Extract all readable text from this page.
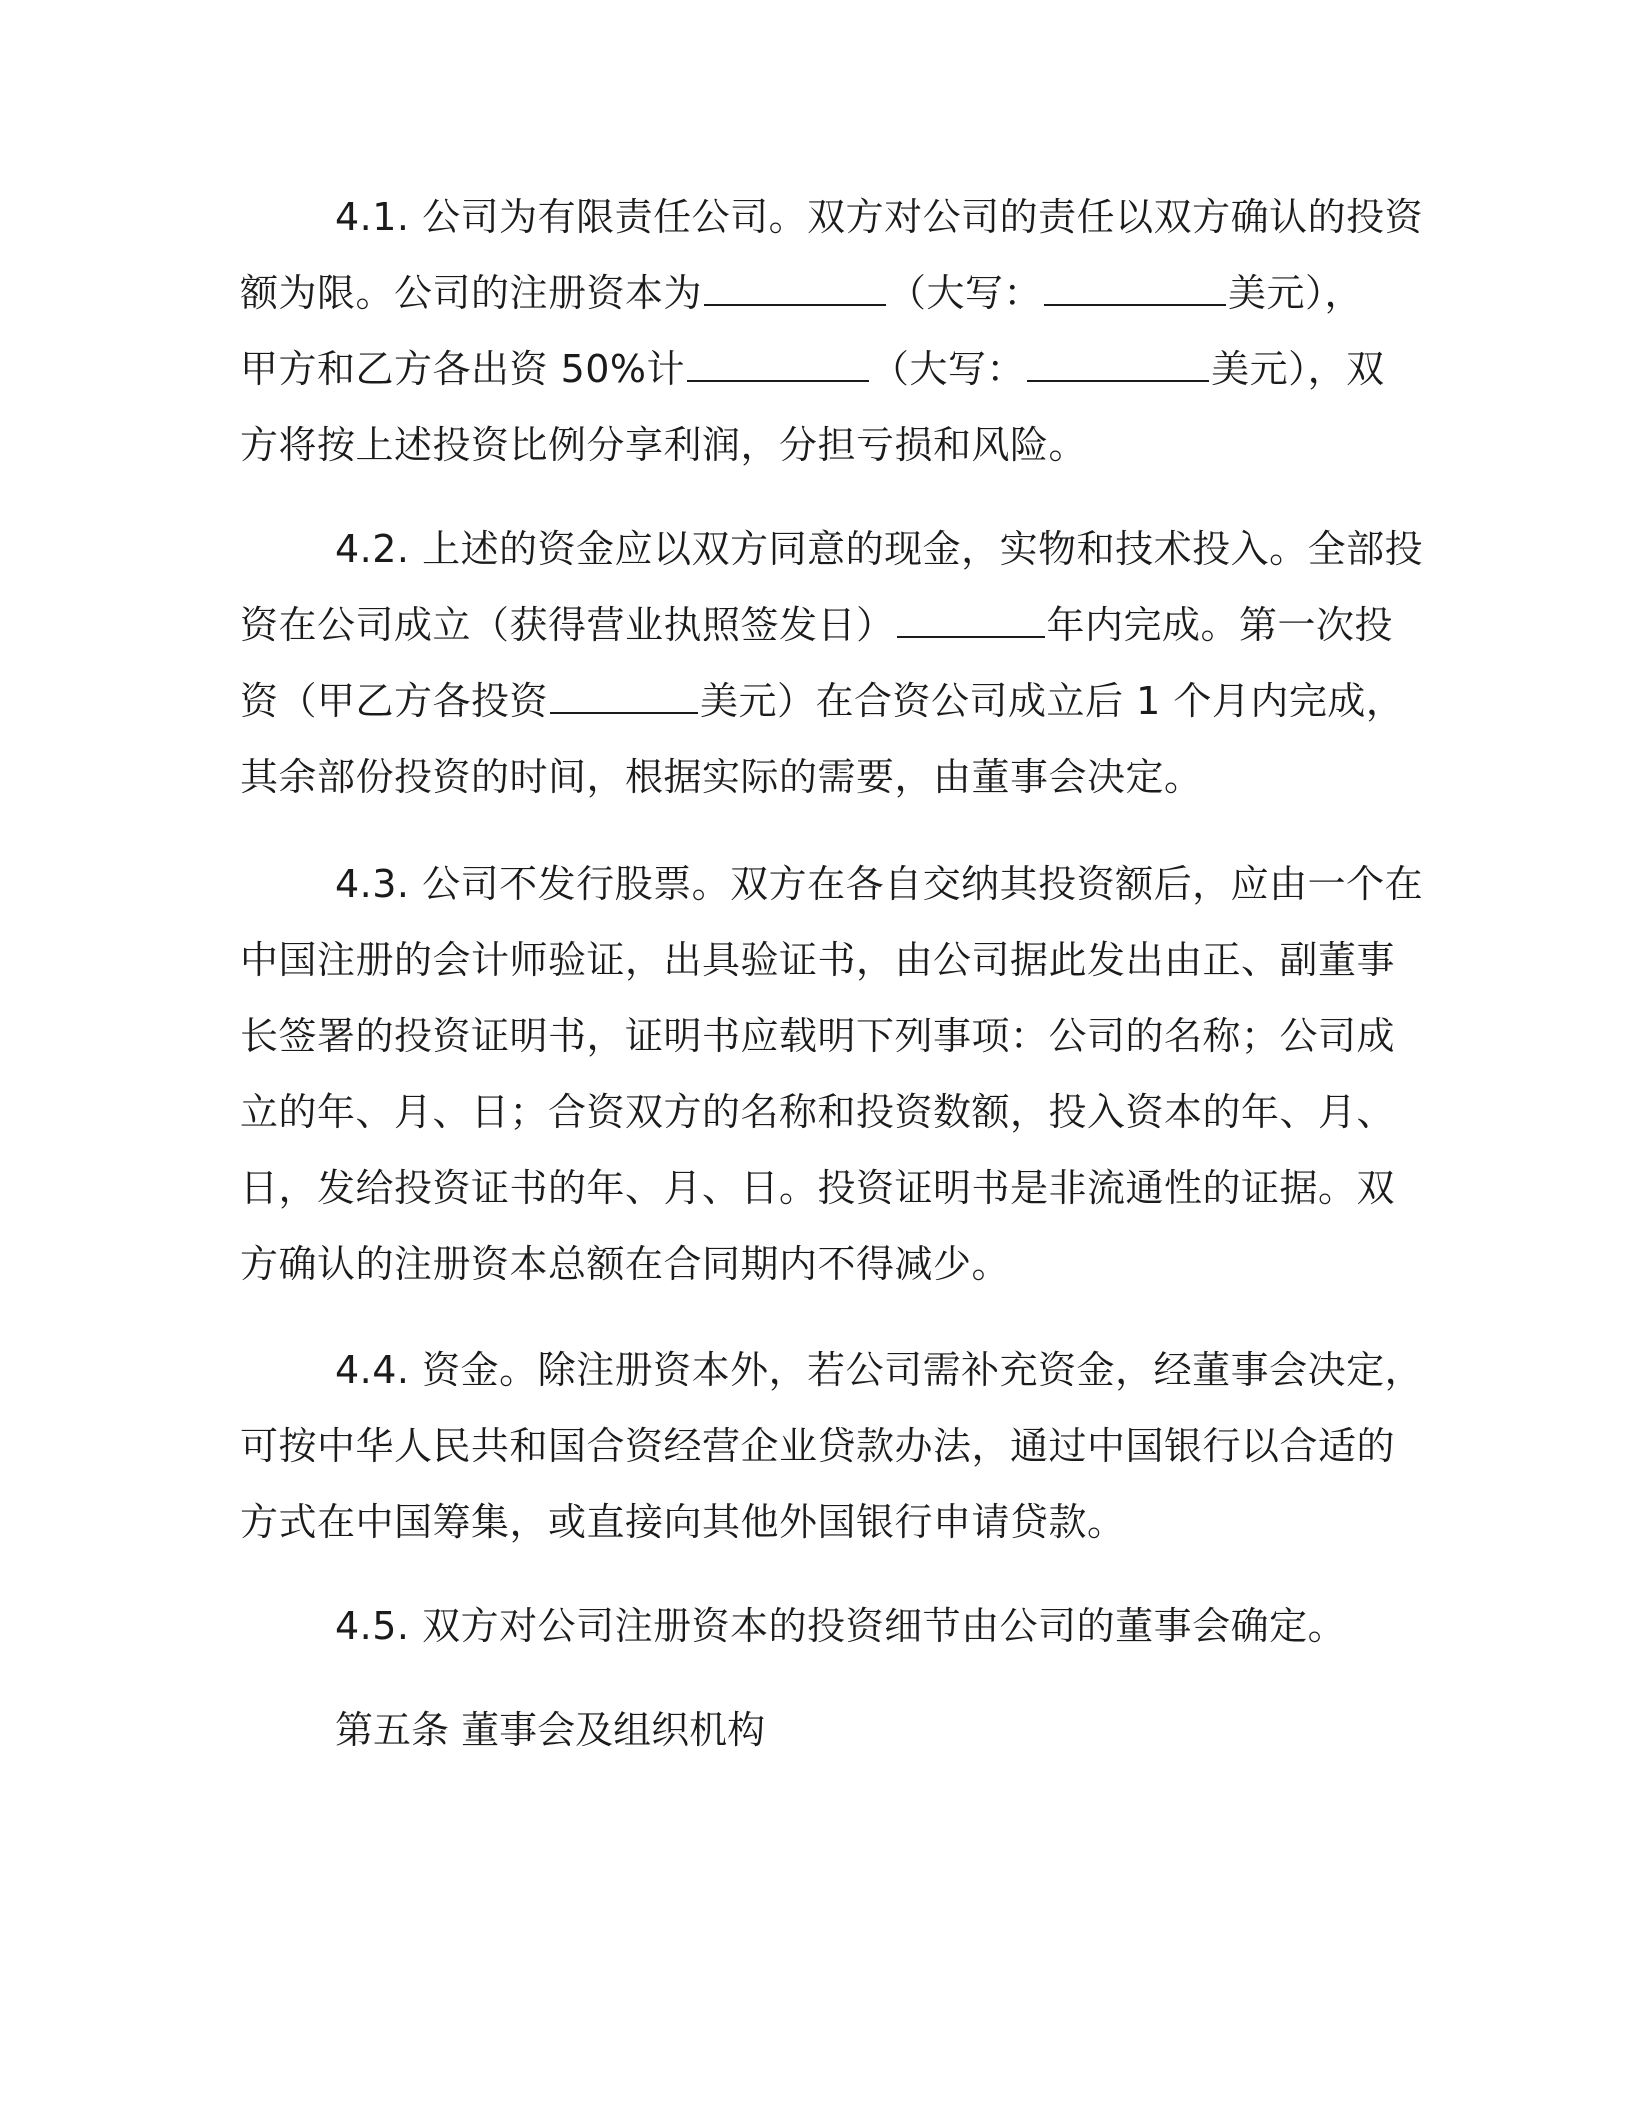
4.1. 公司为有限责任公司。双方对公司的责任以双方确认的投资
额为限。公司的注册资本为	（大写：	美元），
甲方和乙方各出资 50%计	（大写：	美元），双
方将按上述投资比例分享利润，分担亏损和风险。
4.2. 上述的资金应以双方同意的现金，实物和技术投入。全部投
资在公司成立（获得营业执照签发日）	年内完成。第一次投
资（甲乙方各投资	美元）在合资公司成立后 1 个月内完成，
其余部份投资的时间，根据实际的需要，由董事会决定。
4.3. 公司不发行股票。双方在各自交纳其投资额后，应由一个在
中国注册的会计师验证，出具验证书，由公司据此发出由正、副董事
长签署的投资证明书，证明书应载明下列事项：公司的名称；公司成
立的年、月、日；合资双方的名称和投资数额，投入资本的年、月、
日，发给投资证书的年、月、日。投资证明书是非流通性的证据。双
方确认的注册资本总额在合同期内不得减少。
4.4. 资金。除注册资本外，若公司需补充资金，经董事会决定，
可按中华人民共和国合资经营企业贷款办法，通过中国银行以合适的
方式在中国筹集，或直接向其他外国银行申请贷款。
4.5. 双方对公司注册资本的投资细节由公司的董事会确定。
第五条 董事会及组织机构
